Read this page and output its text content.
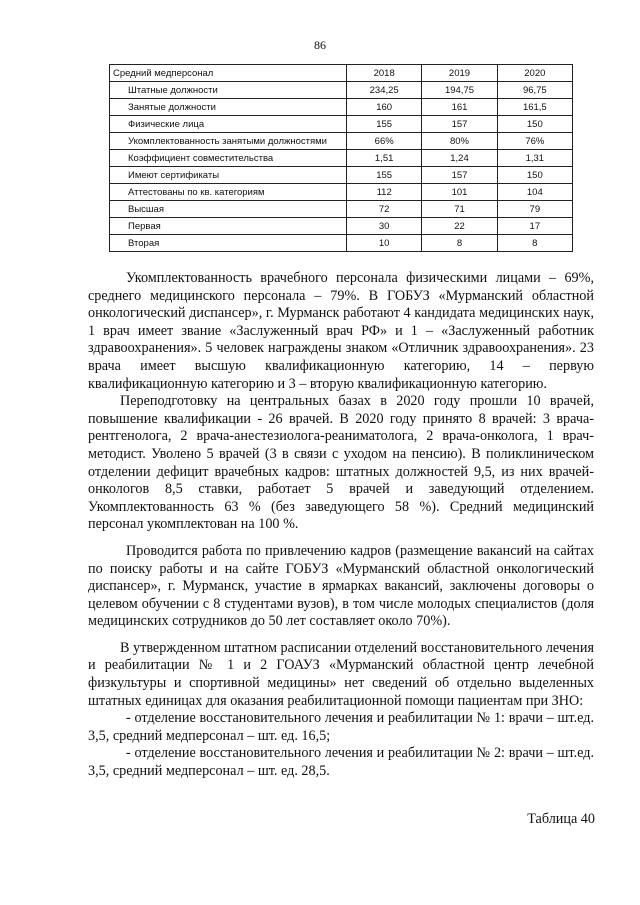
86
Средний медперсонал	2018	2019	2020
Штатные должности	234,25	194,75	96,75
Занятые должности	160	161	161,5
Физические лица	155	157	150
Укомплектованность занятыми должностями	66%	80%	76%
Коэффициент совместительства	1,51	1,24	1,31
Имеют сертификаты	155	157	150
Аттестованы по кв. категориям	112	101	104
Высшая	72	71	79
Первая	30	22	17
Вторая	10	8	8

Укомплектованность врачебного персонала физическими лицами – 69%, среднего медицинского персонала – 79%. В ГОБУЗ «Мурманский областной онкологический диспансер», г. Мурманск работают 4 кандидата медицинских наук, 1 врач имеет звание «Заслуженный врач РФ» и 1 – «Заслуженный работник здравоохранения». 5 человек награждены знаком «Отличник здравоохранения». 23 врача имеет высшую квалификационную категорию, 14 – первую квалификационную категорию и 3 – вторую квалификационную категорию.

Переподготовку на центральных базах в 2020 году прошли 10 врачей, повышение квалификации - 26 врачей. В 2020 году принято 8 врачей: 3 врача-рентгенолога, 2 врача-анестезиолога-реаниматолога, 2 врача-онколога, 1 врач-методист. Уволено 5 врачей (3 в связи с уходом на пенсию). В поликлиническом отделении дефицит врачебных кадров: штатных должностей 9,5, из них врачей-онкологов 8,5 ставки, работает 5 врачей и заведующий отделением. Укомплектованность 63 % (без заведующего 58 %). Средний медицинский персонал укомплектован на 100 %.

Проводится работа по привлечению кадров (размещение вакансий на сайтах по поиску работы и на сайте ГОБУЗ «Мурманский областной онкологический диспансер», г. Мурманск, участие в ярмарках вакансий, заключены договоры о целевом обучении с 8 студентами вузов), в том числе молодых специалистов (доля медицинских сотрудников до 50 лет составляет около 70%).

В утвержденном штатном расписании отделений восстановительного лечения и реабилитации № 1 и 2 ГОАУЗ «Мурманский областной центр лечебной физкультуры и спортивной медицины» нет сведений об отдельно выделенных штатных единицах для оказания реабилитационной помощи пациентам при ЗНО:

- отделение восстановительного лечения и реабилитации № 1: врачи – шт.ед. 3,5, средний медперсонал – шт. ед. 16,5;

- отделение восстановительного лечения и реабилитации № 2: врачи – шт.ед. 3,5, средний медперсонал – шт. ед. 28,5.

Таблица 40
